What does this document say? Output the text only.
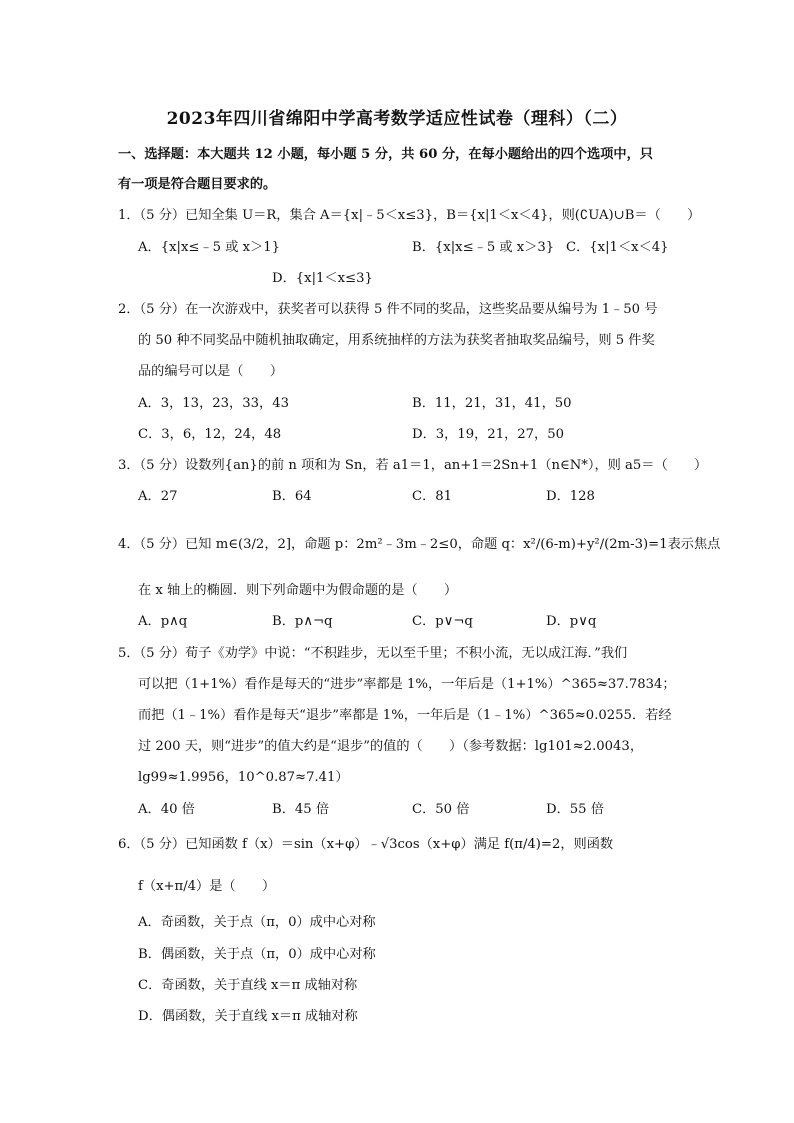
2023年四川省绵阳中学高考数学适应性试卷（理科）（二）
一、选择题：本大题共 12 小题，每小题 5 分，共 60 分，在每小题给出的四个选项中，只
有一项是符合题目要求的。
1．（5 分）已知全集 U＝R，集合 A＝{x|﹣5＜x≤3}，B＝{x|1＜x＜4}，则(∁UA)∪B＝（　　）
A．{x|x≤﹣5 或 x＞1}	B．{x|x≤﹣5 或 x＞3} C．{x|1＜x＜4}
D．{x|1＜x≤3}
2．（5 分）在一次游戏中，获奖者可以获得 5 件不同的奖品，这些奖品要从编号为 1﹣50 号
的 50 种不同奖品中随机抽取确定，用系统抽样的方法为获奖者抽取奖品编号，则 5 件奖
品的编号可以是（　　）
A．3，13，23，33，43	B．11，21，31，41，50
C．3，6，12，24，48	D．3，19，21，27，50
3．（5 分）设数列{an}的前 n 项和为 Sn，若 a1＝1，an+1＝2Sn+1（n∈N*），则 a5＝（　　）
A．27	B．64	C．81	D．128
4．（5 分）已知 m∈(3/2，2]，命题 p：2m²﹣3m﹣2≤0，命题 q：x²/(6-m)+y²/(2m-3)=1表示焦点
在 x 轴上的椭圆．则下列命题中为假命题的是（　　）
A．p∧q	B．p∧¬q	C．p∨¬q	D．p∨q
5．（5 分）荀子《劝学》中说：“不积跬步，无以至千里；不积小流，无以成江海．”我们
可以把（1+1%）看作是每天的“进步”率都是 1%，一年后是（1+1%）^365≈37.7834；
而把（1﹣1%）看作是每天“退步”率都是 1%，一年后是（1﹣1%）^365≈0.0255．若经
过 200 天，则“进步”的值大约是“退步”的值的（　　）（参考数据：lg101≈2.0043，
lg99≈1.9956，10^0.87≈7.41）
A．40 倍	B．45 倍	C．50 倍	D．55 倍
6．（5 分）已知函数 f（x）＝sin（x+φ）﹣√3cos（x+φ）满足 f(π/4)=2，则函数
f（x+π/4）是（　　）
A．奇函数，关于点（π，0）成中心对称
B．偶函数，关于点（π，0）成中心对称
C．奇函数，关于直线 x＝π 成轴对称
D．偶函数，关于直线 x＝π 成轴对称
